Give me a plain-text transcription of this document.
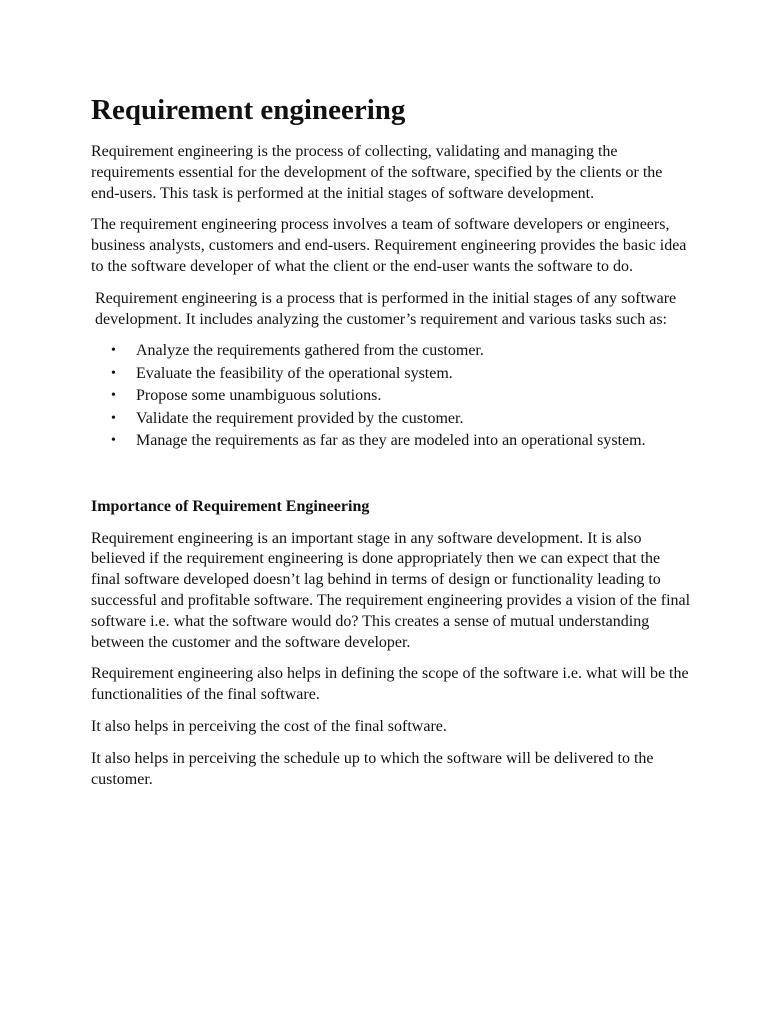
Requirement engineering

Requirement engineering is the process of collecting, validating and managing the requirements essential for the development of the software, specified by the clients or the end-users. This task is performed at the initial stages of software development.

The requirement engineering process involves a team of software developers or engineers, business analysts, customers and end-users. Requirement engineering provides the basic idea to the software developer of what the client or the end-user wants the software to do.

Requirement engineering is a process that is performed in the initial stages of any software development. It includes analyzing the customer’s requirement and various tasks such as:

• Analyze the requirements gathered from the customer.
• Evaluate the feasibility of the operational system.
• Propose some unambiguous solutions.
• Validate the requirement provided by the customer.
• Manage the requirements as far as they are modeled into an operational system.
Importance of Requirement Engineering

Requirement engineering is an important stage in any software development. It is also believed if the requirement engineering is done appropriately then we can expect that the final software developed doesn’t lag behind in terms of design or functionality leading to successful and profitable software. The requirement engineering provides a vision of the final software i.e. what the software would do? This creates a sense of mutual understanding between the customer and the software developer.

Requirement engineering also helps in defining the scope of the software i.e. what will be the functionalities of the final software.

It also helps in perceiving the cost of the final software.

It also helps in perceiving the schedule up to which the software will be delivered to the customer.
